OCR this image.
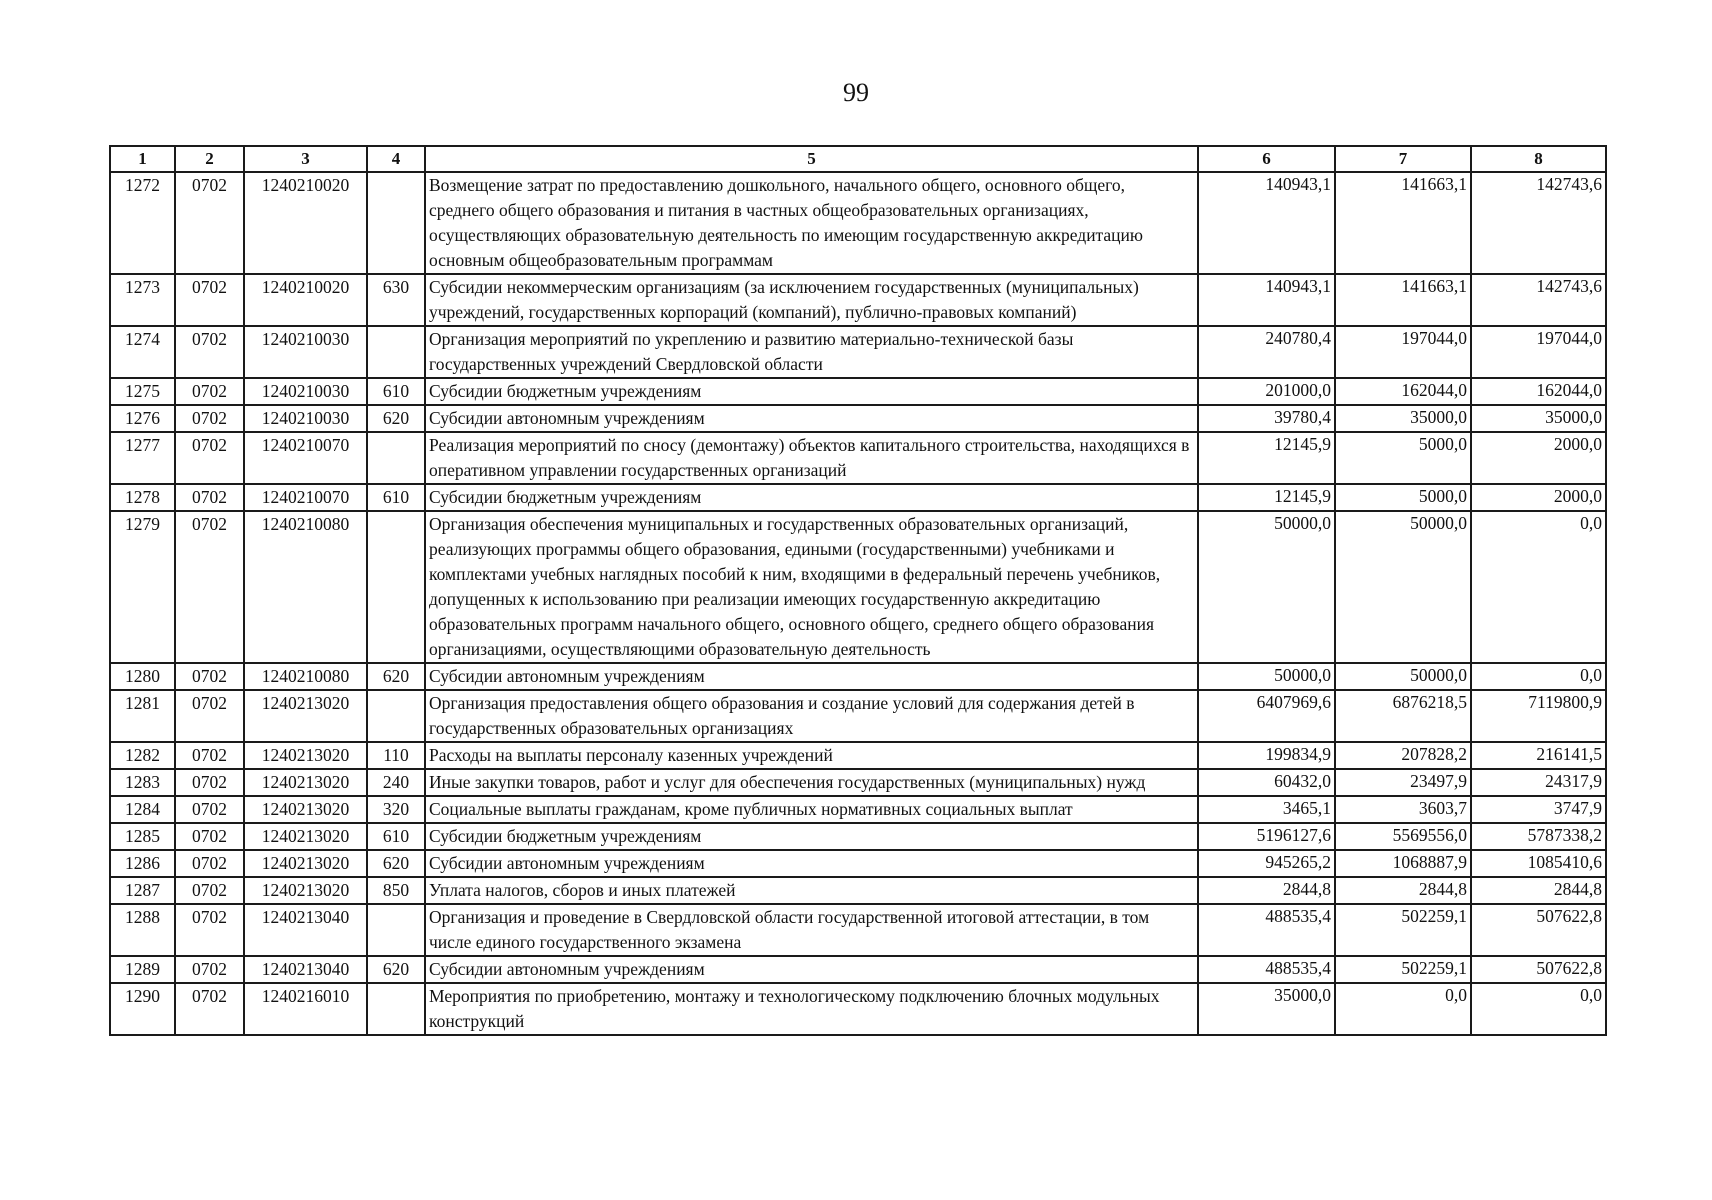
99
1	2	3	4	5	6	7	8
1272	0702	1240210020		Возмещение затрат по предоставлению дошкольного, начального общего, основного общего, среднего общего образования и питания в частных общеобразовательных организациях, осуществляющих образовательную деятельность по имеющим государственную аккредитацию основным общеобразовательным программам	140943,1	141663,1	142743,6
1273	0702	1240210020	630	Субсидии некоммерческим организациям (за исключением государственных (муниципальных) учреждений, государственных корпораций (компаний), публично-правовых компаний)	140943,1	141663,1	142743,6
1274	0702	1240210030		Организация мероприятий по укреплению и развитию материально-технической базы государственных учреждений Свердловской области	240780,4	197044,0	197044,0
1275	0702	1240210030	610	Субсидии бюджетным учреждениям	201000,0	162044,0	162044,0
1276	0702	1240210030	620	Субсидии автономным учреждениям	39780,4	35000,0	35000,0
1277	0702	1240210070		Реализация мероприятий по сносу (демонтажу) объектов капитального строительства, находящихся в оперативном управлении государственных организаций	12145,9	5000,0	2000,0
1278	0702	1240210070	610	Субсидии бюджетным учреждениям	12145,9	5000,0	2000,0
1279	0702	1240210080		Организация обеспечения муниципальных и государственных образовательных организаций, реализующих программы общего образования, едиными (государственными) учебниками и комплектами учебных наглядных пособий к ним, входящими в федеральный перечень учебников, допущенных к использованию при реализации имеющих государственную аккредитацию образовательных программ начального общего, основного общего, среднего общего образования организациями, осуществляющими образовательную деятельность	50000,0	50000,0	0,0
1280	0702	1240210080	620	Субсидии автономным учреждениям	50000,0	50000,0	0,0
1281	0702	1240213020		Организация предоставления общего образования и создание условий для содержания детей в государственных образовательных организациях	6407969,6	6876218,5	7119800,9
1282	0702	1240213020	110	Расходы на выплаты персоналу казенных учреждений	199834,9	207828,2	216141,5
1283	0702	1240213020	240	Иные закупки товаров, работ и услуг для обеспечения государственных (муниципальных) нужд	60432,0	23497,9	24317,9
1284	0702	1240213020	320	Социальные выплаты гражданам, кроме публичных нормативных социальных выплат	3465,1	3603,7	3747,9
1285	0702	1240213020	610	Субсидии бюджетным учреждениям	5196127,6	5569556,0	5787338,2
1286	0702	1240213020	620	Субсидии автономным учреждениям	945265,2	1068887,9	1085410,6
1287	0702	1240213020	850	Уплата налогов, сборов и иных платежей	2844,8	2844,8	2844,8
1288	0702	1240213040		Организация и проведение в Свердловской области государственной итоговой аттестации, в том числе единого государственного экзамена	488535,4	502259,1	507622,8
1289	0702	1240213040	620	Субсидии автономным учреждениям	488535,4	502259,1	507622,8
1290	0702	1240216010		Мероприятия по приобретению, монтажу и технологическому подключению блочных модульных конструкций	35000,0	0,0	0,0
